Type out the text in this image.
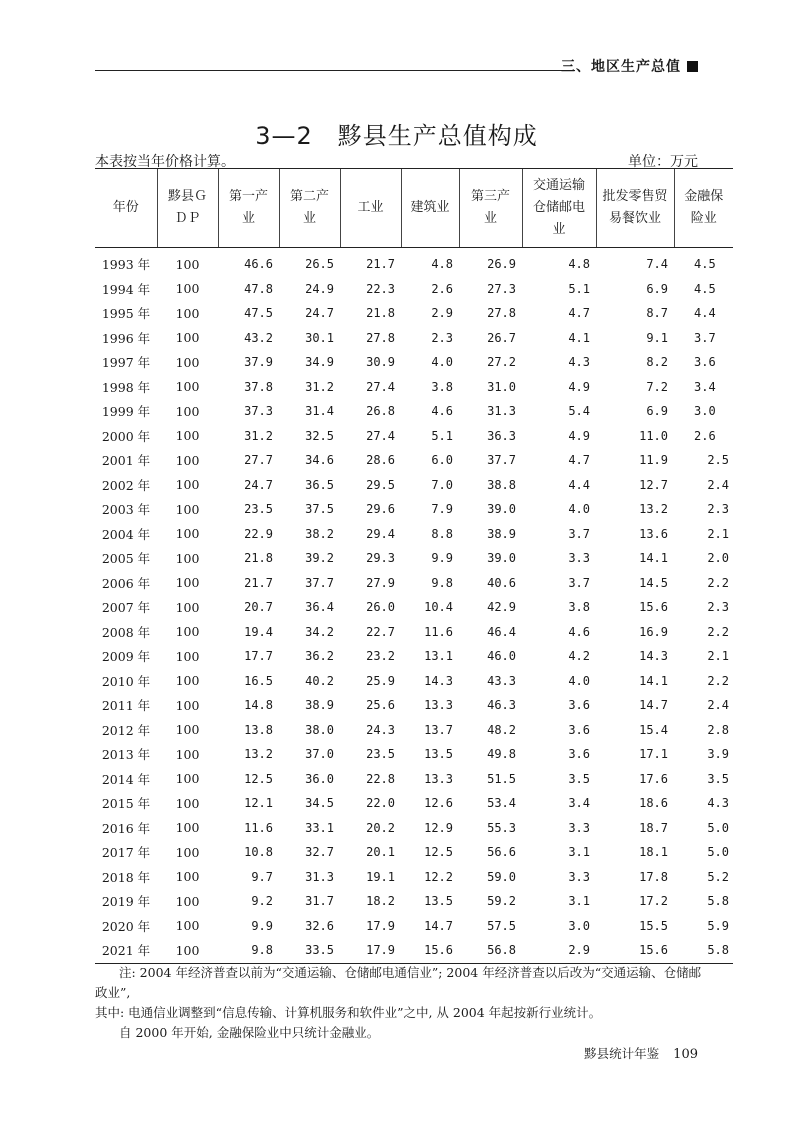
三、地区生产总值
3—2　黟县生产总值构成
本表按当年价格计算。	单位：万元
年份	黟县ＧＤＰ	第一产业	第二产业	工业	建筑业	第三产业	交通运输仓储邮电业	批发零售贸易餐饮业	金融保险业
1993 年	100	46.6	26.5	21.7	4.8	26.9	4.8	7.4	4.5
1994 年	100	47.8	24.9	22.3	2.6	27.3	5.1	6.9	4.5
1995 年	100	47.5	24.7	21.8	2.9	27.8	4.7	8.7	4.4
1996 年	100	43.2	30.1	27.8	2.3	26.7	4.1	9.1	3.7
1997 年	100	37.9	34.9	30.9	4.0	27.2	4.3	8.2	3.6
1998 年	100	37.8	31.2	27.4	3.8	31.0	4.9	7.2	3.4
1999 年	100	37.3	31.4	26.8	4.6	31.3	5.4	6.9	3.0
2000 年	100	31.2	32.5	27.4	5.1	36.3	4.9	11.0	2.6
2001 年	100	27.7	34.6	28.6	6.0	37.7	4.7	11.9	2.5
2002 年	100	24.7	36.5	29.5	7.0	38.8	4.4	12.7	2.4
2003 年	100	23.5	37.5	29.6	7.9	39.0	4.0	13.2	2.3
2004 年	100	22.9	38.2	29.4	8.8	38.9	3.7	13.6	2.1
2005 年	100	21.8	39.2	29.3	9.9	39.0	3.3	14.1	2.0
2006 年	100	21.7	37.7	27.9	9.8	40.6	3.7	14.5	2.2
2007 年	100	20.7	36.4	26.0	10.4	42.9	3.8	15.6	2.3
2008 年	100	19.4	34.2	22.7	11.6	46.4	4.6	16.9	2.2
2009 年	100	17.7	36.2	23.2	13.1	46.0	4.2	14.3	2.1
2010 年	100	16.5	40.2	25.9	14.3	43.3	4.0	14.1	2.2
2011 年	100	14.8	38.9	25.6	13.3	46.3	3.6	14.7	2.4
2012 年	100	13.8	38.0	24.3	13.7	48.2	3.6	15.4	2.8
2013 年	100	13.2	37.0	23.5	13.5	49.8	3.6	17.1	3.9
2014 年	100	12.5	36.0	22.8	13.3	51.5	3.5	17.6	3.5
2015 年	100	12.1	34.5	22.0	12.6	53.4	3.4	18.6	4.3
2016 年	100	11.6	33.1	20.2	12.9	55.3	3.3	18.7	5.0
2017 年	100	10.8	32.7	20.1	12.5	56.6	3.1	18.1	5.0
2018 年	100	9.7	31.3	19.1	12.2	59.0	3.3	17.8	5.2
2019 年	100	9.2	31.7	18.2	13.5	59.2	3.1	17.2	5.8
2020 年	100	9.9	32.6	17.9	14.7	57.5	3.0	15.5	5.9
2021 年	100	9.8	33.5	17.9	15.6	56.8	2.9	15.6	5.8

注: 2004 年经济普查以前为“交通运输、仓储邮电通信业”; 2004 年经济普查以后改为“交通运输、仓储邮政业”,

其中: 电通信业调整到“信息传输、计算机服务和软件业”之中, 从 2004 年起按新行业统计。

自 2000 年开始, 金融保险业中只统计金融业。

黟县统计年鉴 109
